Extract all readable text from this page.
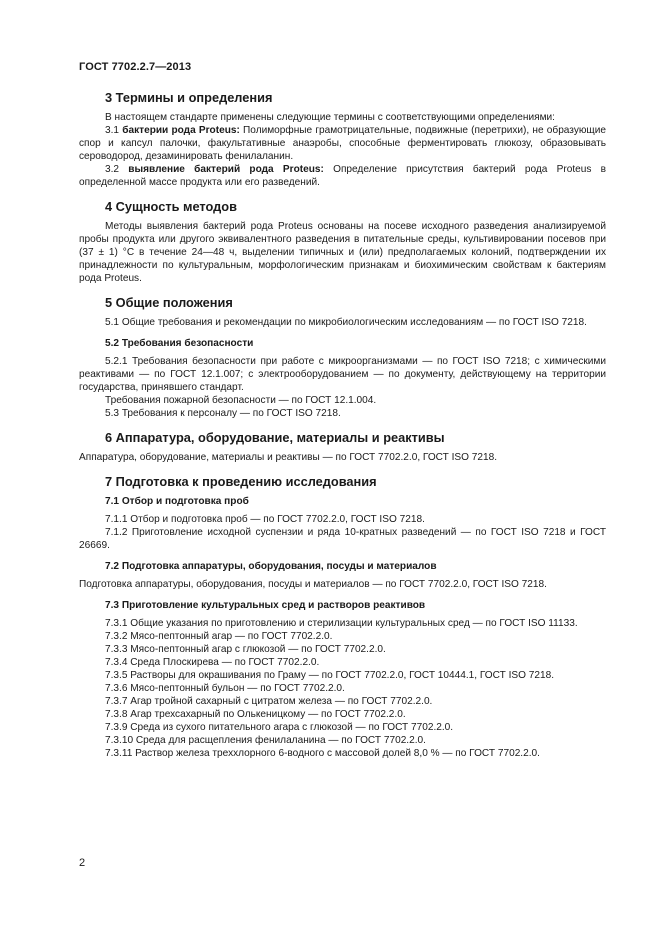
ГОСТ 7702.2.7—2013
3 Термины и определения

В настоящем стандарте применены следующие термины с соответствующими определениями:

3.1 бактерии рода Proteus: Полиморфные грамотрицательные, подвижные (перетрихи), не образующие спор и капсул палочки, факультативные анаэробы, способные ферментировать глюкозу, образовывать сероводород, дезаминировать фенилаланин.

3.2 выявление бактерий рода Proteus: Определение присутствия бактерий рода Proteus в определенной массе продукта или его разведений.

4 Сущность методов

Методы выявления бактерий рода Proteus основаны на посеве исходного разведения анализируемой пробы продукта или другого эквивалентного разведения в питательные среды, культивировании посевов при (37 ± 1) °С в течение 24—48 ч, выделении типичных и (или) предполагаемых колоний, подтверждении их принадлежности по культуральным, морфологическим признакам и биохимическим свойствам к бактериям рода Proteus.

5 Общие положения

5.1 Общие требования и рекомендации по микробиологическим исследованиям — по ГОСТ ISO 7218.

5.2 Требования безопасности

5.2.1 Требования безопасности при работе с микроорганизмами — по ГОСТ ISO 7218; с химическими реактивами — по ГОСТ 12.1.007; с электрооборудованием — по документу, действующему на территории государства, принявшего стандарт.

Требования пожарной безопасности — по ГОСТ 12.1.004.

5.3 Требования к персоналу — по ГОСТ ISO 7218.

6 Аппаратура, оборудование, материалы и реактивы

Аппаратура, оборудование, материалы и реактивы — по ГОСТ 7702.2.0, ГОСТ ISO 7218.

7 Подготовка к проведению исследования
7.1 Отбор и подготовка проб

7.1.1 Отбор и подготовка проб — по ГОСТ 7702.2.0, ГОСТ ISO 7218.

7.1.2 Приготовление исходной суспензии и ряда 10-кратных разведений — по ГОСТ ISO 7218 и ГОСТ 26669.

7.2 Подготовка аппаратуры, оборудования, посуды и материалов

Подготовка аппаратуры, оборудования, посуды и материалов — по ГОСТ 7702.2.0, ГОСТ ISO 7218.

7.3 Приготовление культуральных сред и растворов реактивов

7.3.1 Общие указания по приготовлению и стерилизации культуральных сред — по ГОСТ ISO 11133.

7.3.2 Мясо-пептонный агар — по ГОСТ 7702.2.0.

7.3.3 Мясо-пептонный агар с глюкозой — по ГОСТ 7702.2.0.

7.3.4 Среда Плоскирева — по ГОСТ 7702.2.0.

7.3.5 Растворы для окрашивания по Граму — по ГОСТ 7702.2.0, ГОСТ 10444.1, ГОСТ ISO 7218.

7.3.6 Мясо-пептонный бульон — по ГОСТ 7702.2.0.

7.3.7 Агар тройной сахарный с цитратом железа — по ГОСТ 7702.2.0.

7.3.8 Агар трехсахарный по Олькеницкому — по ГОСТ 7702.2.0.

7.3.9 Среда из сухого питательного агара с глюкозой — по ГОСТ 7702.2.0.

7.3.10 Среда для расщепления фенилаланина — по ГОСТ 7702.2.0.

7.3.11 Раствор железа треххлорного 6-водного с массовой долей 8,0 % — по ГОСТ 7702.2.0.

2
